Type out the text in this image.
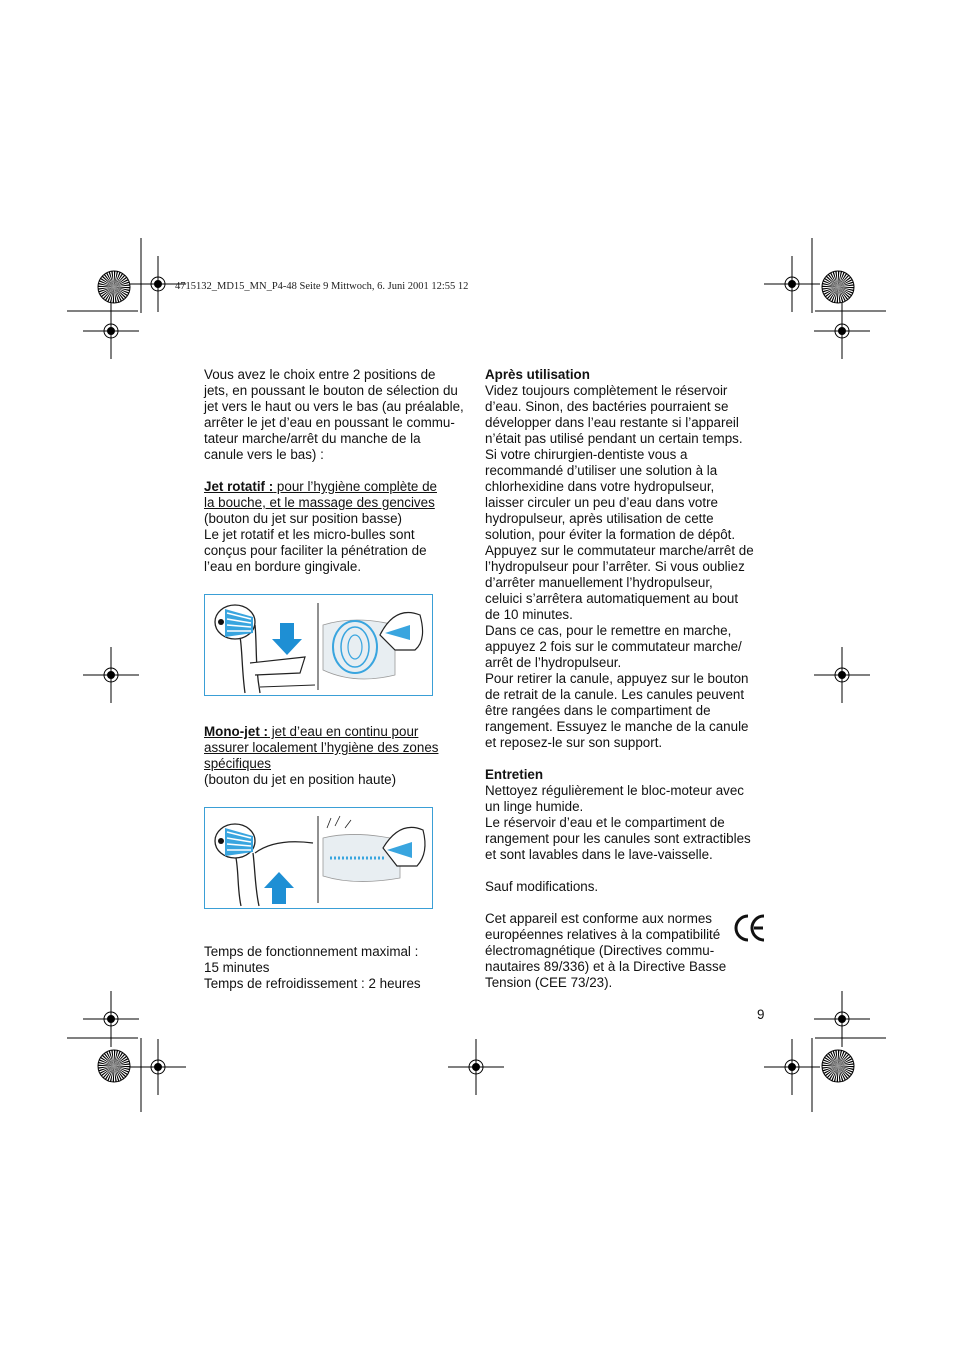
4715132_MD15_MN_P4-48 Seite 9 Mittwoch, 6. Juni 2001 12:55 12

Vous avez le choix entre 2 positions de

jets, en poussant le bouton de sélection du

jet vers le haut ou vers le bas (au préalable,

arrêter le jet d’eau en poussant le commu-

tateur marche/arrêt du manche de la

canule vers le bas) :

Jet rotatif : pour l’hygiène complète de

la bouche, et le massage des gencives

(bouton du jet sur position basse)

Le jet rotatif et les micro-bulles sont

conçus pour faciliter la pénétration de

l’eau en bordure gingivale.

Mono-jet : jet d’eau en continu pour

assurer localement l’hygiène des zones

spécifiques

(bouton du jet en position haute)

Temps de fonctionnement maximal :

15 minutes

Temps de refroidissement : 2 heures

Après utilisation

Videz toujours complètement le réservoir

d’eau. Sinon, des bactéries pourraient se

développer dans l’eau restante si l’appareil

n’était pas utilisé pendant un certain temps.

Si votre chirurgien-dentiste vous a

recommandé d’utiliser une solution à la

chlorhexidine dans votre hydropulseur,

laisser circuler un peu d’eau dans votre

hydropulseur, après utilisation de cette

solution, pour éviter la formation de dépôt.

Appuyez sur le commutateur marche/arrêt de

l’hydropulseur pour l’arrêter. Si vous oubliez

d’arrêter manuellement l’hydropulseur,

celuici s’arrêtera automatiquement au bout

de 10 minutes.

Dans ce cas, pour le remettre en marche,

appuyez 2 fois sur le commutateur marche/

arrêt de l’hydropulseur.

Pour retirer la canule, appuyez sur le bouton

de retrait de la canule. Les canules peuvent

être rangées dans le compartiment de

rangement. Essuyez le manche de la canule

et reposez-le sur son support.

Entretien

Nettoyez régulièrement le bloc-moteur avec

un linge humide.

Le réservoir d’eau et le compartiment de

rangement pour les canules sont extractibles

et sont lavables dans le lave-vaisselle.

Sauf modifications.

Cet appareil est conforme aux normes

européennes relatives à la compatibilité

électromagnétique (Directives commu-

nautaires 89/336) et à la Directive Basse

Tension (CEE 73/23).

9
